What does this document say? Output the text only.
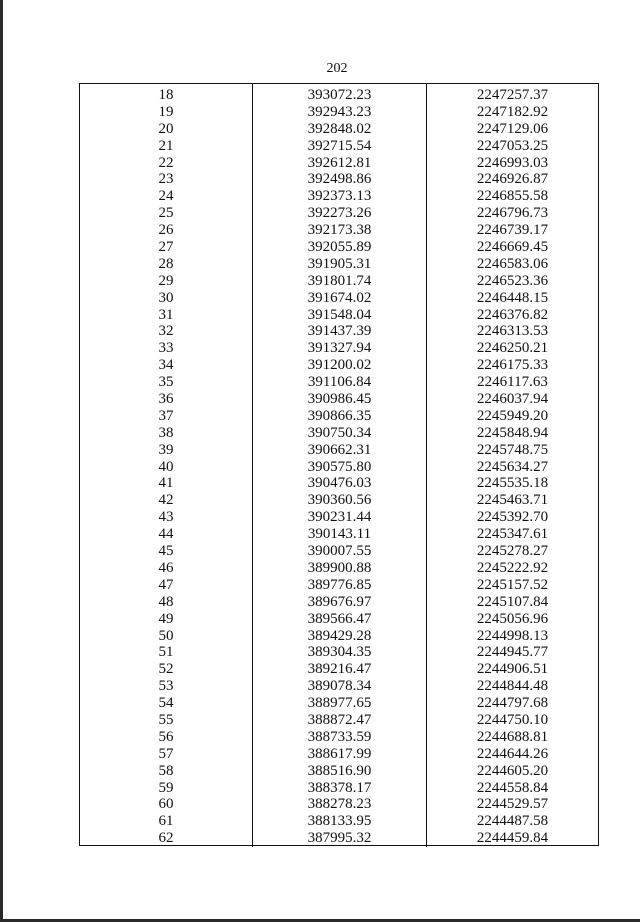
202
18
19
20
21
22
23
24
25
26
27
28
29
30
31
32
33
34
35
36
37
38
39
40
41
42
43
44
45
46
47
48
49
50
51
52
53
54
55
56
57
58
59
60
61
62
393072.23
392943.23
392848.02
392715.54
392612.81
392498.86
392373.13
392273.26
392173.38
392055.89
391905.31
391801.74
391674.02
391548.04
391437.39
391327.94
391200.02
391106.84
390986.45
390866.35
390750.34
390662.31
390575.80
390476.03
390360.56
390231.44
390143.11
390007.55
389900.88
389776.85
389676.97
389566.47
389429.28
389304.35
389216.47
389078.34
388977.65
388872.47
388733.59
388617.99
388516.90
388378.17
388278.23
388133.95
387995.32
2247257.37
2247182.92
2247129.06
2247053.25
2246993.03
2246926.87
2246855.58
2246796.73
2246739.17
2246669.45
2246583.06
2246523.36
2246448.15
2246376.82
2246313.53
2246250.21
2246175.33
2246117.63
2246037.94
2245949.20
2245848.94
2245748.75
2245634.27
2245535.18
2245463.71
2245392.70
2245347.61
2245278.27
2245222.92
2245157.52
2245107.84
2245056.96
2244998.13
2244945.77
2244906.51
2244844.48
2244797.68
2244750.10
2244688.81
2244644.26
2244605.20
2244558.84
2244529.57
2244487.58
2244459.84
